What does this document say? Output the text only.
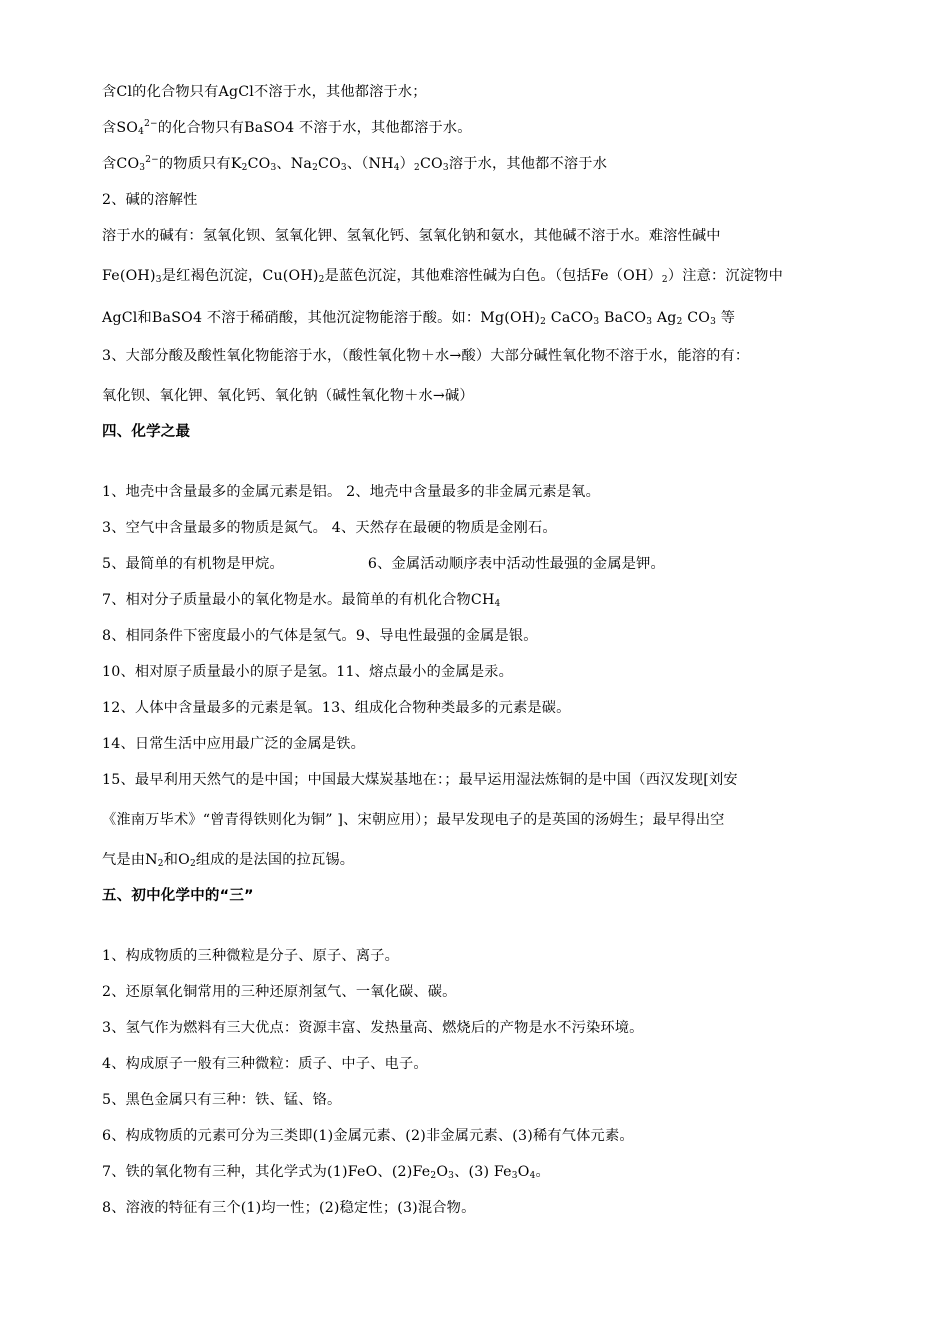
含Cl的化合物只有AgCl不溶于水，其他都溶于水；
含$SO_4^{2-}$的化合物只有BaSO4 不溶于水，其他都溶于水。
含$CO_3^{2-}$的物质只有$K_2CO_3$、$Na_2CO_3$、$(NH_4)_2CO_3$溶于水，其他都不溶于水
2、碱的溶解性
溶于水的碱有：氢氧化钡、氢氧化钾、氢氧化钙、氢氧化钠和氨水，其他碱不溶于水。难溶性碱中
$Fe(OH)_3$是红褐色沉淀，$Cu(OH)_2$是蓝色沉淀，其他难溶性碱为白色。（包括$Fe(OH)_2$）注意：沉淀物中
AgCl和BaSO4 不溶于稀硝酸，其他沉淀物能溶于酸。如：$Mg(OH)_2$ CaCO$_3$ BaCO$_3$ $Ag_2$ $CO_3$ 等
3、大部分酸及酸性氧化物能溶于水，（酸性氧化物＋水→酸）大部分碱性氧化物不溶于水，能溶的有：
氧化钡、氧化钾、氧化钙、氧化钠（碱性氧化物＋水→碱）
四、化学之最
1、地壳中含量最多的金属元素是铝。 2、地壳中含量最多的非金属元素是氧。
3、空气中含量最多的物质是氮气。 4、天然存在最硬的物质是金刚石。
5、最简单的有机物是甲烷。	6、金属活动顺序表中活动性最强的金属是钾。
7、相对分子质量最小的氧化物是水。最简单的有机化合物$CH_4$
8、相同条件下密度最小的气体是氢气。9、导电性最强的金属是银。
10、相对原子质量最小的原子是氢。11、熔点最小的金属是汞。
12、人体中含量最多的元素是氧。13、组成化合物种类最多的元素是碳。
14、日常生活中应用最广泛的金属是铁。
15、最早利用天然气的是中国；中国最大煤炭基地在：；最早运用湿法炼铜的是中国（西汉发现[刘安
《淮南万毕术》“曾青得铁则化为铜” ]、宋朝应用）；最早发现电子的是英国的汤姆生；最早得出空
气是由$N_2$和$O_2$组成的是法国的拉瓦锡。
五、初中化学中的“三”
1、构成物质的三种微粒是分子、原子、离子。
2、还原氧化铜常用的三种还原剂氢气、一氧化碳、碳。
3、氢气作为燃料有三大优点：资源丰富、发热量高、燃烧后的产物是水不污染环境。
4、构成原子一般有三种微粒：质子、中子、电子。
5、黑色金属只有三种：铁、锰、铬。
6、构成物质的元素可分为三类即(1)金属元素、(2)非金属元素、(3)稀有气体元素。
7、铁的氧化物有三种，其化学式为(1)FeO、$(2)Fe_2O_3$、(3) $Fe_3O_4$。
8、溶液的特征有三个(1)均一性；(2)稳定性；(3)混合物。
